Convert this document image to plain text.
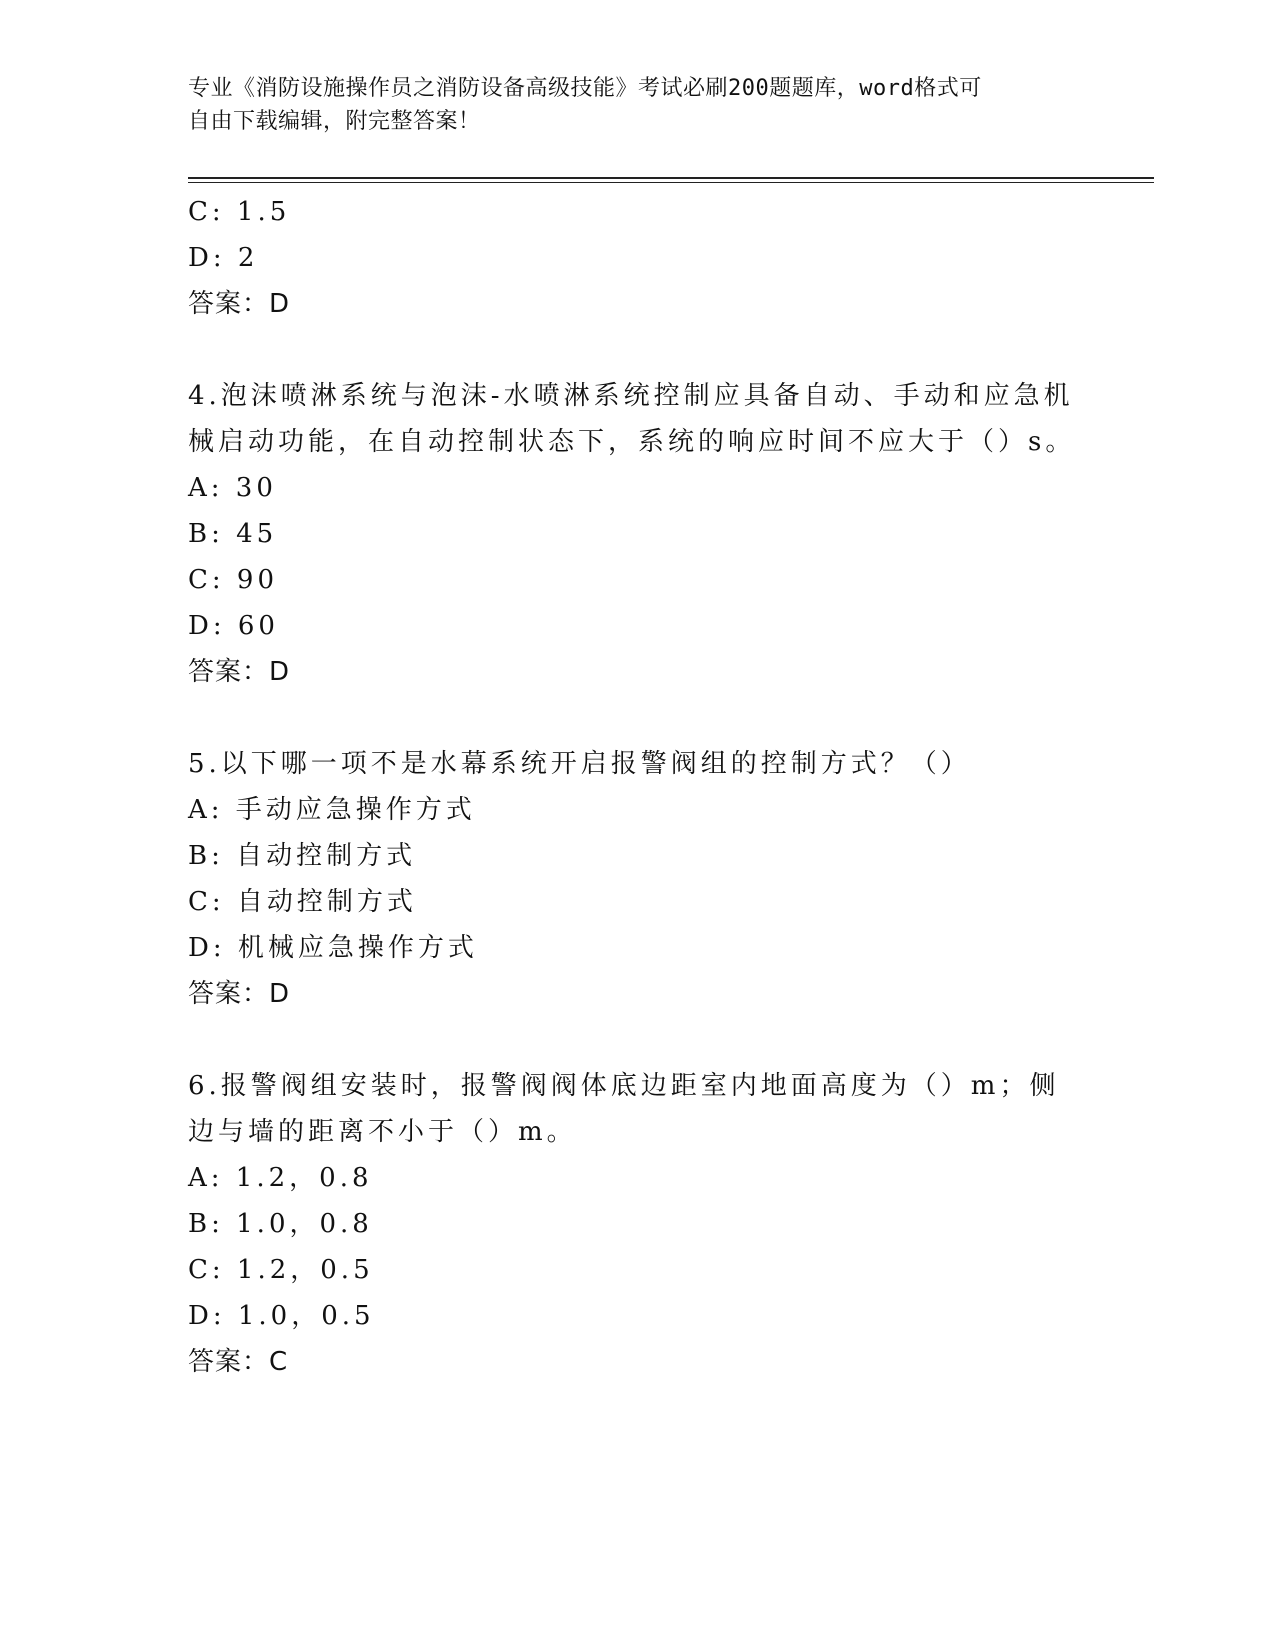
专业《消防设施操作员之消防设备高级技能》考试必刷200题题库，word格式可
自由下载编辑，附完整答案！
C: 1.5
D: 2
答案：D
4.泡沫喷淋系统与泡沫-水喷淋系统控制应具备自动、手动和应急机械启动功能，在自动控制状态下，系统的响应时间不应大于（）s。
A: 30
B: 45
C: 90
D: 60
答案：D
5.以下哪一项不是水幕系统开启报警阀组的控制方式？（）
A: 手动应急操作方式
B: 自动控制方式
C: 自动控制方式
D: 机械应急操作方式
答案：D
6.报警阀组安装时，报警阀阀体底边距室内地面高度为（）m；侧边与墙的距离不小于（）m。
A: 1.2，0.8
B: 1.0，0.8
C: 1.2，0.5
D: 1.0，0.5
答案：C
